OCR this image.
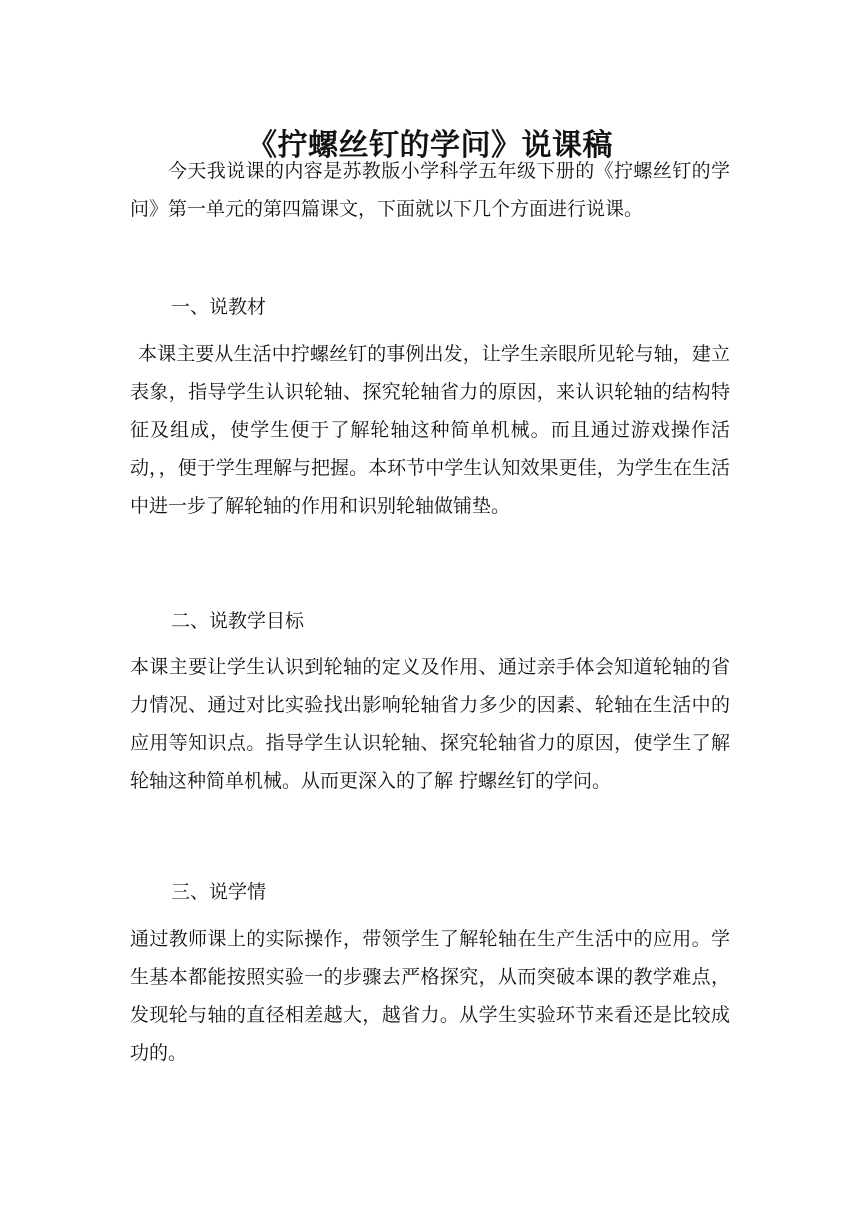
《拧螺丝钉的学问》说课稿

今天我说课的内容是苏教版小学科学五年级下册的《拧螺丝钉的学问》第一单元的第四篇课文，下面就以下几个方面进行说课。

一、说教材

本课主要从生活中拧螺丝钉的事例出发，让学生亲眼所见轮与轴，建立表象，指导学生认识轮轴、探究轮轴省力的原因，来认识轮轴的结构特征及组成，使学生便于了解轮轴这种简单机械。而且通过游戏操作活动，，便于学生理解与把握。本环节中学生认知效果更佳，为学生在生活中进一步了解轮轴的作用和识别轮轴做铺垫。

二、说教学目标

本课主要让学生认识到轮轴的定义及作用、通过亲手体会知道轮轴的省力情况、通过对比实验找出影响轮轴省力多少的因素、轮轴在生活中的应用等知识点。指导学生认识轮轴、探究轮轴省力的原因，使学生了解轮轴这种简单机械。从而更深入的了解 拧螺丝钉的学问。

三、说学情

通过教师课上的实际操作，带领学生了解轮轴在生产生活中的应用。学生基本都能按照实验一的步骤去严格探究，从而突破本课的教学难点，发现轮与轴的直径相差越大，越省力。从学生实验环节来看还是比较成功的。
